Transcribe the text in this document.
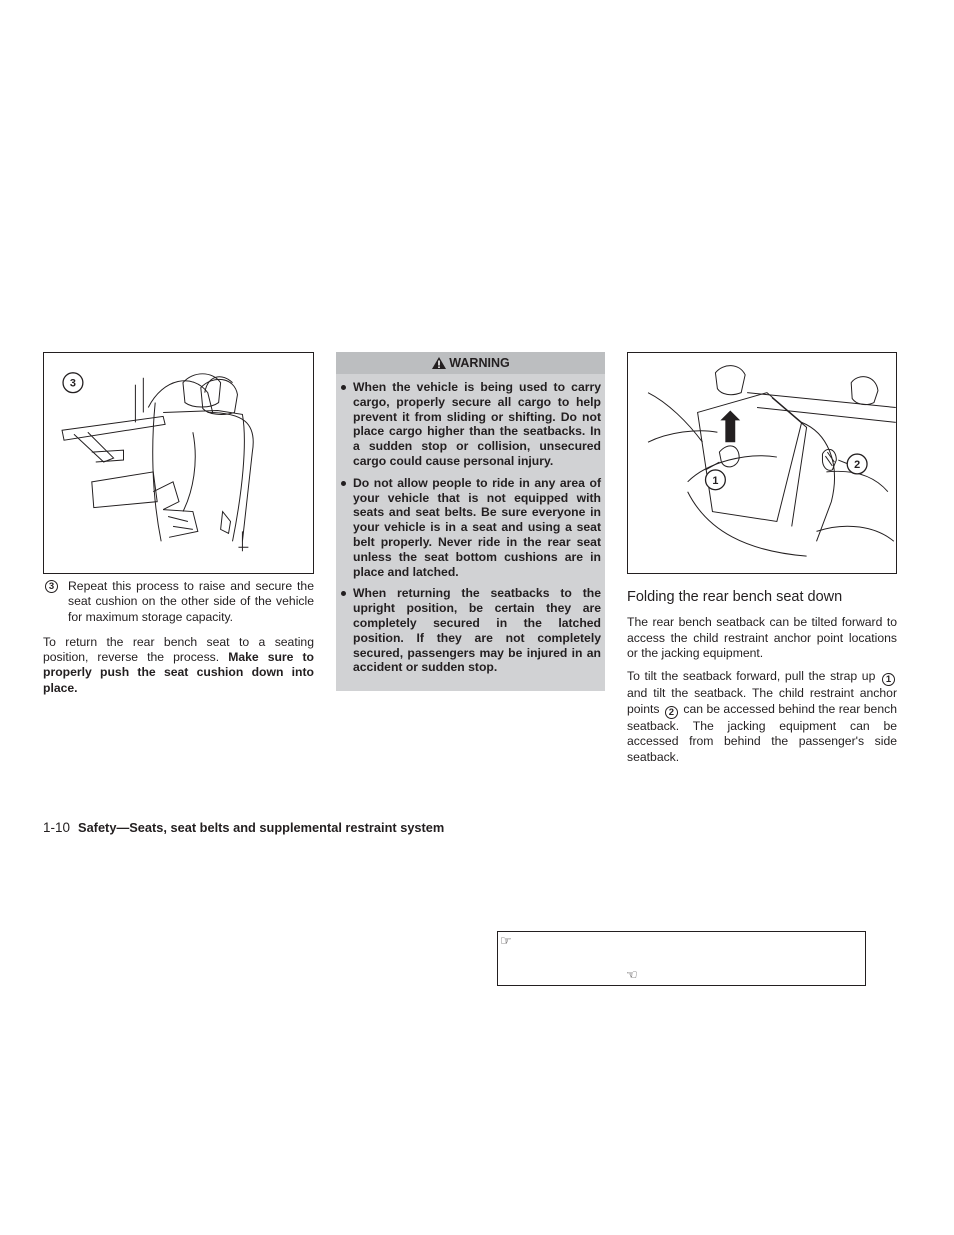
3
3	Repeat this process to raise and secure the seat cushion on the other side of the vehicle for maximum storage capacity.

To return the rear bench seat to a seating position, reverse the process. Make sure to properly push the seat cushion down into place.

WARNING
When the vehicle is being used to carry cargo, properly secure all cargo to help prevent it from sliding or shifting. Do not place cargo higher than the seatbacks. In a sudden stop or collision, unsecured cargo could cause personal injury.
Do not allow people to ride in any area of your vehicle that is not equipped with seats and seat belts. Be sure everyone in your vehicle is in a seat and using a seat belt properly. Never ride in the rear seat unless the seat bottom cushions are in place and latched.
When returning the seatbacks to the upright position, be certain they are completely secured in the latched position. If they are not completely secured, passengers may be injured in an accident or sudden stop.
1
2
Folding the rear bench seat down

The rear bench seatback can be tilted forward to access the child restraint anchor point locations or the jacking equipment.

To tilt the seatback forward, pull the strap up 1 and tilt the seatback. The child restraint anchor points 2 can be accessed behind the rear bench seatback. The jacking equipment can be accessed from behind the passenger's side seatback.

1-10 Safety—Seats, seat belts and supplemental restraint system
☞
☜
